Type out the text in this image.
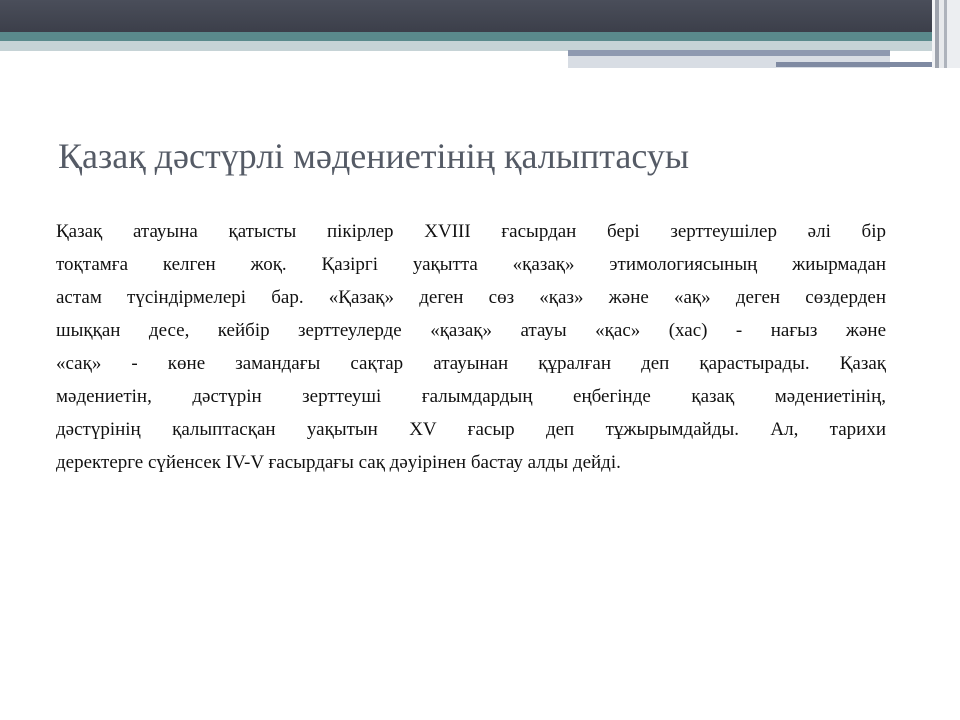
Қазақ дәстүрлі мәдениетінің қалыптасуы
Қазақ атауына қатысты пікірлер XVIII ғасырдан бері зерттеушілер әлі бір
тоқтамға келген жоқ. Қазіргі уақытта «қазақ» этимологиясының жиырмадан
астам түсіндірмелері бар. «Қазақ» деген сөз «қаз» және «ақ» деген сөздерден
шыққан десе, кейбір зерттеулерде «қазақ» атауы «қас» (хас) - нағыз және
«сақ» - көне замандағы сақтар атауынан құралған деп қарастырады. Қазақ
мәдениетін, дәстүрін зерттеуші ғалымдардың еңбегінде қазақ мәдениетінің,
дәстүрінің қалыптасқан уақытын XV ғасыр деп тұжырымдайды. Ал, тарихи
деректерге сүйенсек IV-V ғасырдағы сақ дәуірінен бастау алды дейді.
